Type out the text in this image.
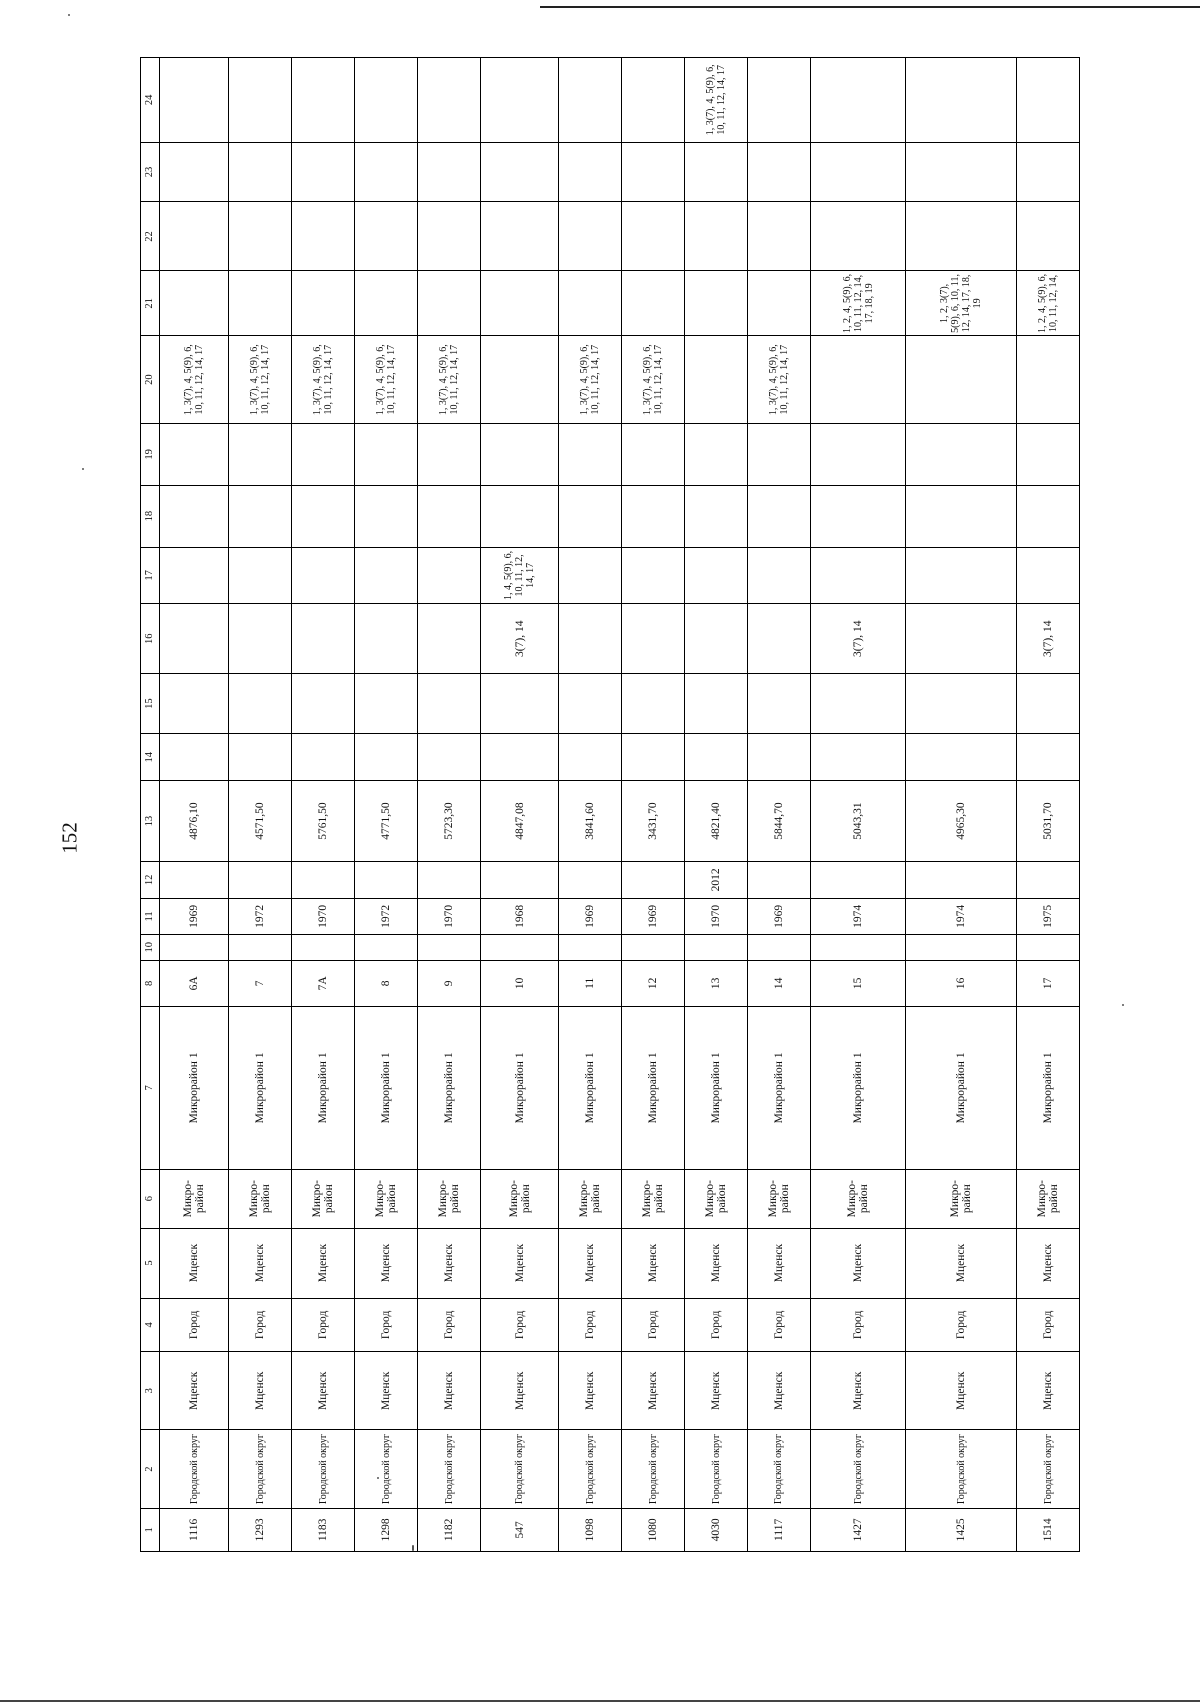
152
1	2	3	4	5	6	7	8	10	11	12	13	14	15	16	17	18	19	20	21	22	23	24
1116	Городской округ	Мценск	Город	Мценск	Микро-район	Микрорайон 1	6А		1969		4876,10							1, 3(7), 4, 5(9), 6, 10, 11, 12, 14, 17				
1293	Городской округ	Мценск	Город	Мценск	Микро-район	Микрорайон 1	7		1972		4571,50							1, 3(7), 4, 5(9), 6, 10, 11, 12, 14, 17				
1183	Городской округ	Мценск	Город	Мценск	Микро-район	Микрорайон 1	7А		1970		5761,50							1, 3(7), 4, 5(9), 6, 10, 11, 12, 14, 17				
1298	Городской округ	Мценск	Город	Мценск	Микро-район	Микрорайон 1	8		1972		4771,50							1, 3(7), 4, 5(9), 6, 10, 11, 12, 14, 17				
1182	Городской округ	Мценск	Город	Мценск	Микро-район	Микрорайон 1	9		1970		5723,30							1, 3(7), 4, 5(9), 6, 10, 11, 12, 14, 17				
547	Городской округ	Мценск	Город	Мценск	Микро-район	Микрорайон 1	10		1968		4847,08			3(7), 14	1, 4, 5(9), 6, 10, 11, 12, 14, 17							
1098	Городской округ	Мценск	Город	Мценск	Микро-район	Микрорайон 1	11		1969		3841,60							1, 3(7), 4, 5(9), 6, 10, 11, 12, 14, 17				
1080	Городской округ	Мценск	Город	Мценск	Микро-район	Микрорайон 1	12		1969		3431,70							1, 3(7), 4, 5(9), 6, 10, 11, 12, 14, 17				
4030	Городской округ	Мценск	Город	Мценск	Микро-район	Микрорайон 1	13		1970	2012	4821,40											1, 3(7), 4, 5(9), 6, 10, 11, 12, 14, 17
1117	Городской округ	Мценск	Город	Мценск	Микро-район	Микрорайон 1	14		1969		5844,70							1, 3(7), 4, 5(9), 6, 10, 11, 12, 14, 17				
1427	Городской округ	Мценск	Город	Мценск	Микро-район	Микрорайон 1	15		1974		5043,31			3(7), 14					1, 2, 4, 5(9), 6, 10, 11, 12, 14, 17, 18, 19			
1425	Городской округ	Мценск	Город	Мценск	Микро-район	Микрорайон 1	16		1974		4965,30								1, 2, 3(7), 5(9), 6, 10, 11, 12, 14, 17, 18, 19			
1514	Городской округ	Мценск	Город	Мценск	Микро-район	Микрорайон 1	17		1975		5031,70			3(7), 14					1, 2, 4, 5(9), 6, 10, 11, 12, 14,			
